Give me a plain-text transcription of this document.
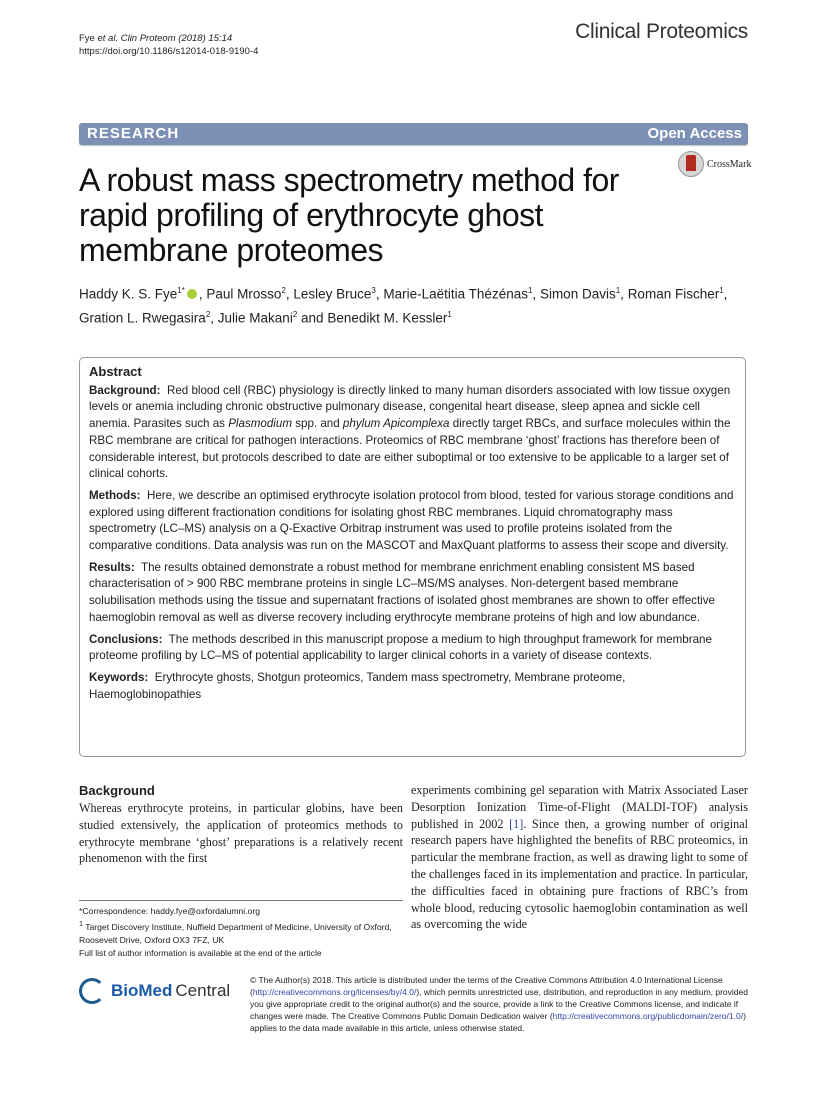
Fye et al. Clin Proteom (2018) 15:14
https://doi.org/10.1186/s12014-018-9190-4
Clinical Proteomics
RESEARCH	Open Access
CrossMark
A robust mass spectrometry method for rapid profiling of erythrocyte ghost membrane proteomes
Haddy K. S. Fye$^{1*}$ , Paul Mrosso$^2$, Lesley Bruce$^3$, Marie-Laëtitia Thézénas$^1$, Simon Davis$^1$, Roman Fischer$^1$,
Gration L. Rwegasira$^2$, Julie Makani$^2$ and Benedikt M. Kessler$^1$
Abstract

Background: Red blood cell (RBC) physiology is directly linked to many human disorders associated with low tissue oxygen levels or anemia including chronic obstructive pulmonary disease, congenital heart disease, sleep apnea and sickle cell anemia. Parasites such as Plasmodium spp. and phylum Apicomplexa directly target RBCs, and surface molecules within the RBC membrane are critical for pathogen interactions. Proteomics of RBC membrane ‘ghost’ fractions has therefore been of considerable interest, but protocols described to date are either suboptimal or too extensive to be applicable to a larger set of clinical cohorts.

Methods: Here, we describe an optimised erythrocyte isolation protocol from blood, tested for various storage conditions and explored using different fractionation conditions for isolating ghost RBC membranes. Liquid chromatography mass spectrometry (LC–MS) analysis on a Q-Exactive Orbitrap instrument was used to profile proteins isolated from the comparative conditions. Data analysis was run on the MASCOT and MaxQuant platforms to assess their scope and diversity.

Results: The results obtained demonstrate a robust method for membrane enrichment enabling consistent MS based characterisation of > 900 RBC membrane proteins in single LC–MS/MS analyses. Non-detergent based membrane solubilisation methods using the tissue and supernatant fractions of isolated ghost membranes are shown to offer effective haemoglobin removal as well as diverse recovery including erythrocyte membrane proteins of high and low abundance.

Conclusions: The methods described in this manuscript propose a medium to high throughput framework for membrane proteome profiling by LC–MS of potential applicability to larger clinical cohorts in a variety of disease contexts.

Keywords: Erythrocyte ghosts, Shotgun proteomics, Tandem mass spectrometry, Membrane proteome, Haemoglobinopathies

Background
Whereas erythrocyte proteins, in particular globins, have been studied extensively, the application of proteomics methods to erythrocyte membrane ‘ghost’ preparations is a relatively recent phenomenon with the first
experiments combining gel separation with Matrix Associated Laser Desorption Ionization Time-of-Flight (MALDI-TOF) analysis published in 2002 [1]. Since then, a growing number of original research papers have highlighted the benefits of RBC proteomics, in particular the membrane fraction, as well as drawing light to some of the challenges faced in its implementation and practice. In particular, the difficulties faced in obtaining pure fractions of RBC’s from whole blood, reducing cytosolic haemoglobin contamination as well as overcoming the wide
*Correspondence: haddy.fye@oxfordalumni.org
$^1$ Target Discovery Institute, Nuffield Department of Medicine, University of Oxford, Roosevelt Drive, Oxford OX3 7FZ, UK
Full list of author information is available at the end of the article
BioMed Central
© The Author(s) 2018. This article is distributed under the terms of the Creative Commons Attribution 4.0 International License (http://creativecommons.org/licenses/by/4.0/), which permits unrestricted use, distribution, and reproduction in any medium, provided you give appropriate credit to the original author(s) and the source, provide a link to the Creative Commons license, and indicate if changes were made. The Creative Commons Public Domain Dedication waiver (http://creativecommons.org/publicdomain/zero/1.0/) applies to the data made available in this article, unless otherwise stated.
